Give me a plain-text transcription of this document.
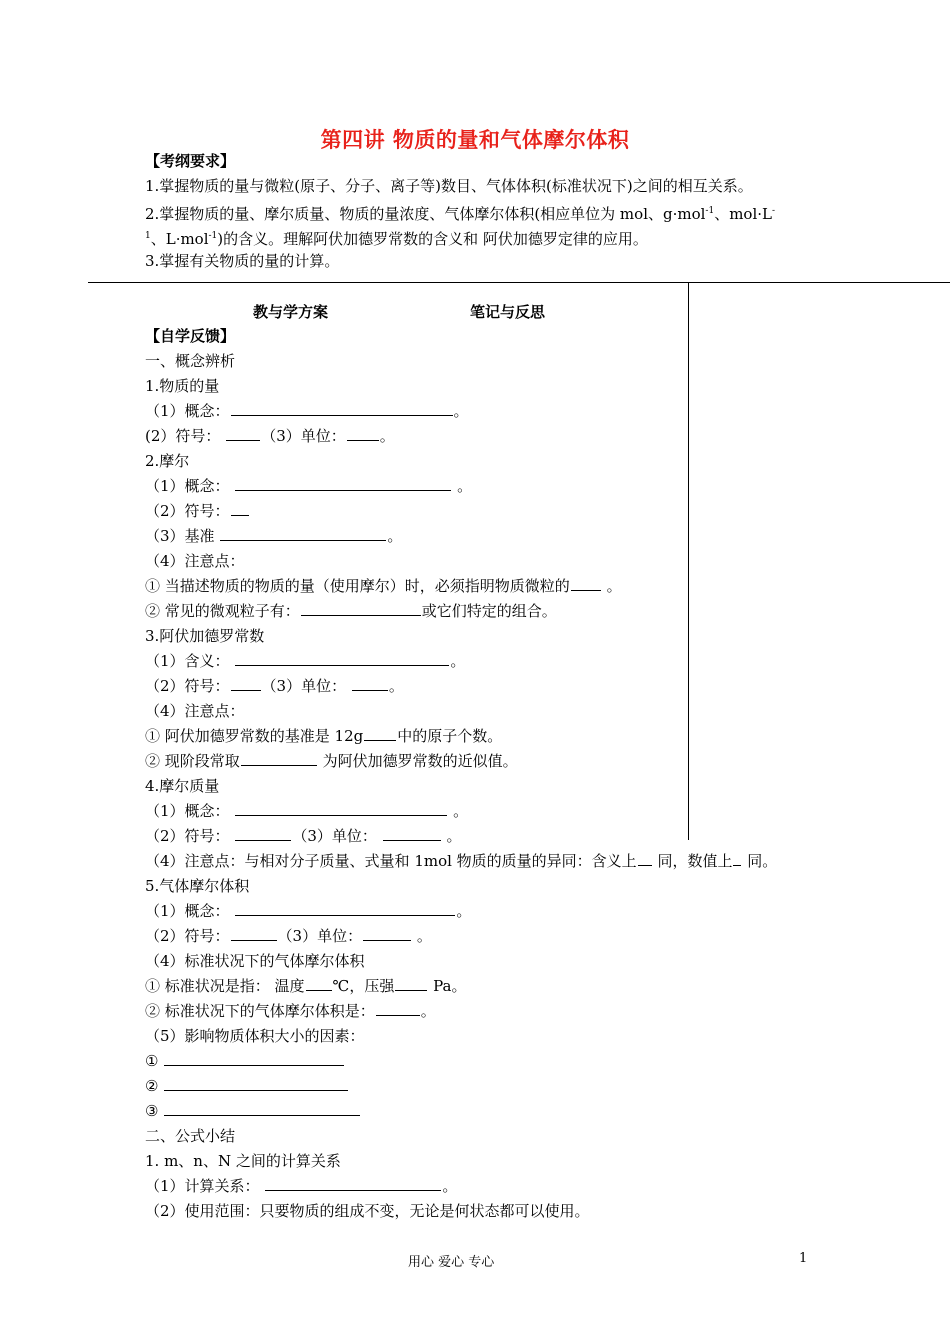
第四讲 物质的量和气体摩尔体积
【考纲要求】
1.掌握物质的量与微粒(原子、分子、离子等)数目、气体体积(标准状况下)之间的相互关系。
2.掌握物质的量、摩尔质量、物质的量浓度、气体摩尔体积(相应单位为 mol、g·mol$^{-1}$、mol·L-
$^1$、L·mol$^{-1}$)的含义。理解阿伏加德罗常数的含义和 阿伏加德罗定律的应用。
3.掌握有关物质的量的计算。
教与学方案	笔记与反思
【自学反馈】
一、概念辨析
1.物质的量
（1）概念：	。
(2）符号：	（3）单位： 。
2.摩尔
（1）概念：	。
（2）符号：
（3）基准	。
（4）注意点：
① 当描述物质的物质的量（使用摩尔）时，必须指明物质微粒的 。
② 常见的微观粒子有：	或它们特定的组合。
3.阿伏加德罗常数
（1）含义：	。
（2）符号： （3）单位：	。
（4）注意点：
① 阿伏加德罗常数的基准是 12g 中的原子个数。
② 现阶段常取	为阿伏加德罗常数的近似值。
4.摩尔质量
（1）概念：	。
（2）符号：	（3）单位：	。
（4）注意点：与相对分子质量、式量和 1mol 物质的质量的异同：含义上 同，数值上 同。
5.气体摩尔体积
（1）概念：	。
（2）符号：	（3）单位：	。
（4）标准状况下的气体摩尔体积
① 标准状况是指： 温度 ℃，压强 Pa。
② 标准状况下的气体摩尔体积是：	。
（5）影响物质体积大小的因素：
①
②
③
二、公式小结
1. m、n、N 之间的计算关系
（1）计算关系：	。
（2）使用范围：只要物质的组成不变，无论是何状态都可以使用。
用心 爱心 专心	1
